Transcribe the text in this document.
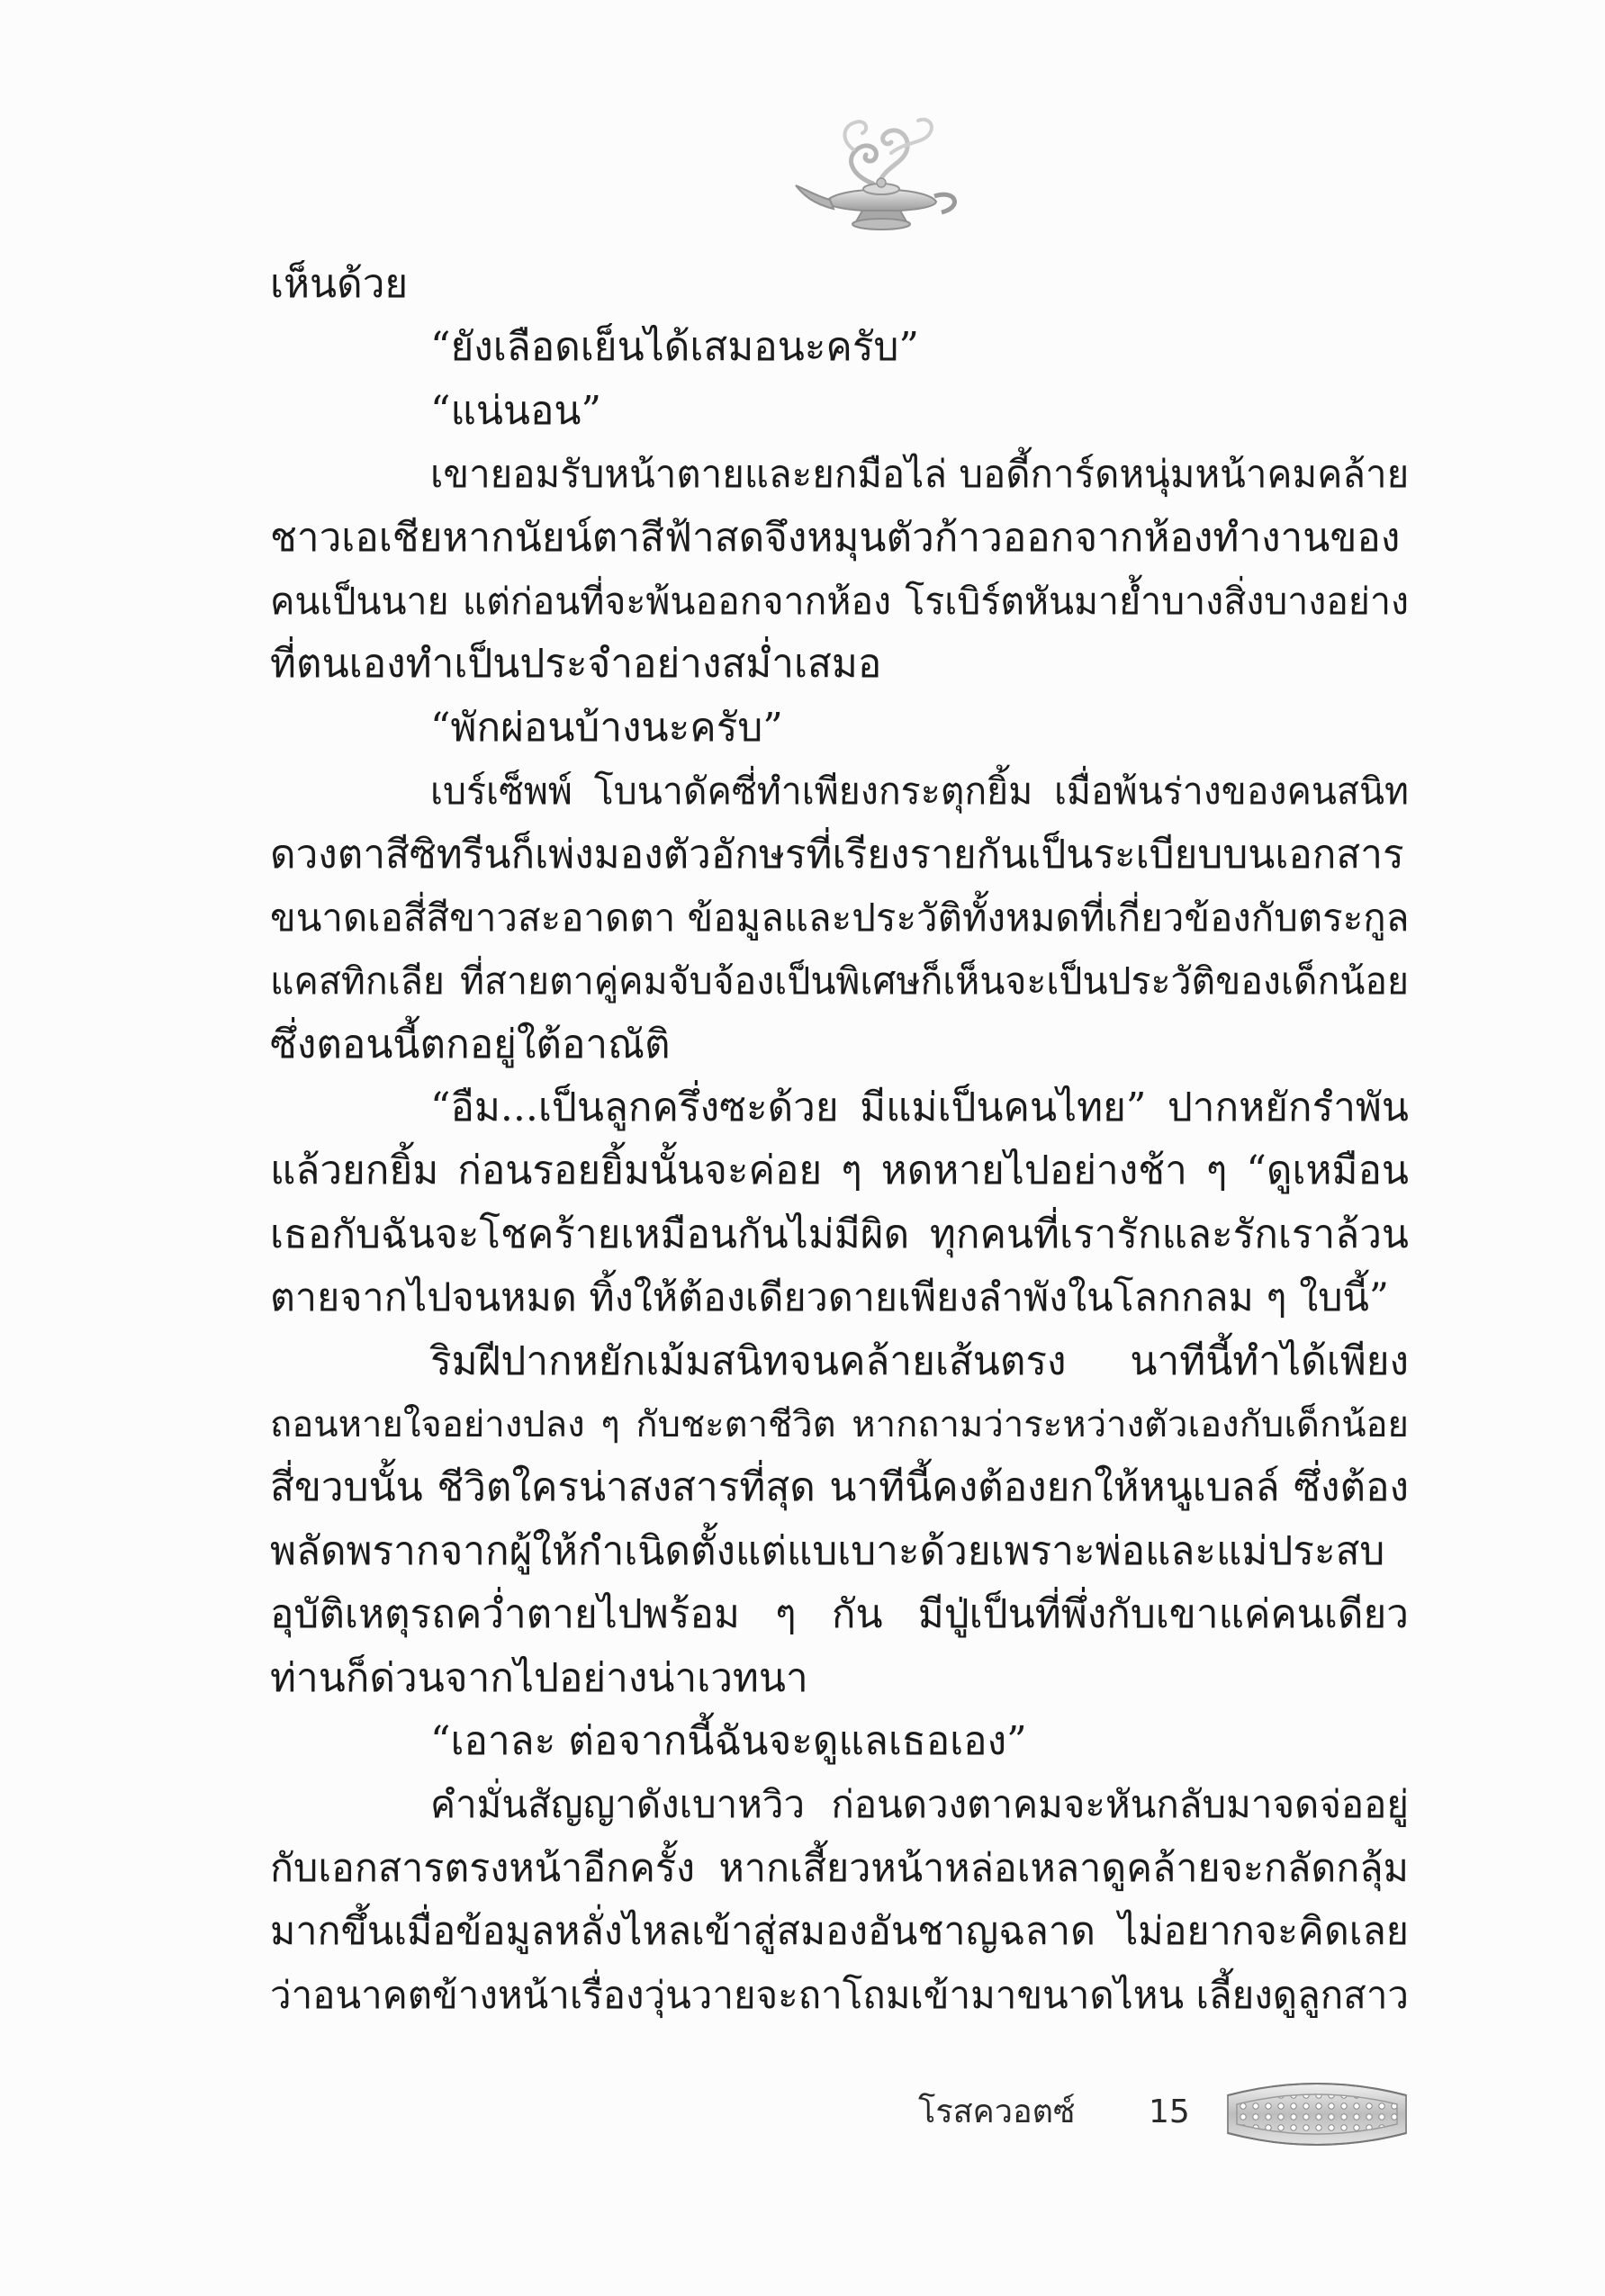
เห็นด้วย
“ยังเลือดเย็นได้เสมอนะครับ”
“แน่นอน”
เขายอมรับหน้าตายและยกมือไล่ บอดี้การ์ดหนุ่มหน้าคมคล้าย
ชาวเอเชียหากนัยน์ตาสีฟ้าสดจึงหมุนตัวก้าวออกจากห้องทำงานของ
คนเป็นนาย แต่ก่อนที่จะพ้นออกจากห้อง โรเบิร์ตหันมาย้ำบางสิ่งบางอย่าง
ที่ตนเองทำเป็นประจำอย่างสม่ำเสมอ
“พักผ่อนบ้างนะครับ”
เบร์เซ็พพ์ โบนาดัคซี่ทำเพียงกระตุกยิ้ม เมื่อพ้นร่างของคนสนิท
ดวงตาสีซิทรีนก็เพ่งมองตัวอักษรที่เรียงรายกันเป็นระเบียบบนเอกสาร
ขนาดเอสี่สีขาวสะอาดตา ข้อมูลและประวัติทั้งหมดที่เกี่ยวข้องกับตระกูล
แคสทิกเลีย ที่สายตาคู่คมจับจ้องเป็นพิเศษก็เห็นจะเป็นประวัติของเด็กน้อย
ซึ่งตอนนี้ตกอยู่ใต้อาณัติ
“อืม...เป็นลูกครึ่งซะด้วย มีแม่เป็นคนไทย” ปากหยักรำพัน
แล้วยกยิ้ม ก่อนรอยยิ้มนั้นจะค่อย ๆ หดหายไปอย่างช้า ๆ “ดูเหมือน
เธอกับฉันจะโชคร้ายเหมือนกันไม่มีผิด ทุกคนที่เรารักและรักเราล้วน
ตายจากไปจนหมด ทิ้งให้ต้องเดียวดายเพียงลำพังในโลกกลม ๆ ใบนี้”
ริมฝีปากหยักเม้มสนิทจนคล้ายเส้นตรง นาทีนี้ทำได้เพียง
ถอนหายใจอย่างปลง ๆ กับชะตาชีวิต หากถามว่าระหว่างตัวเองกับเด็กน้อย
สี่ขวบนั้น ชีวิตใครน่าสงสารที่สุด นาทีนี้คงต้องยกให้หนูเบลล์ ซึ่งต้อง
พลัดพรากจากผู้ให้กำเนิดตั้งแต่แบเบาะด้วยเพราะพ่อและแม่ประสบ
อุบัติเหตุรถคว่ำตายไปพร้อม ๆ กัน มีปู่เป็นที่พึ่งกับเขาแค่คนเดียว
ท่านก็ด่วนจากไปอย่างน่าเวทนา
“เอาละ ต่อจากนี้ฉันจะดูแลเธอเอง”
คำมั่นสัญญาดังเบาหวิว ก่อนดวงตาคมจะหันกลับมาจดจ่ออยู่
กับเอกสารตรงหน้าอีกครั้ง หากเสี้ยวหน้าหล่อเหลาดูคล้ายจะกลัดกลุ้ม
มากขึ้นเมื่อข้อมูลหลั่งไหลเข้าสู่สมองอันชาญฉลาด ไม่อยากจะคิดเลย
ว่าอนาคตข้างหน้าเรื่องวุ่นวายจะถาโถมเข้ามาขนาดไหน เลี้ยงดูลูกสาว
โรสควอตซ์	15
